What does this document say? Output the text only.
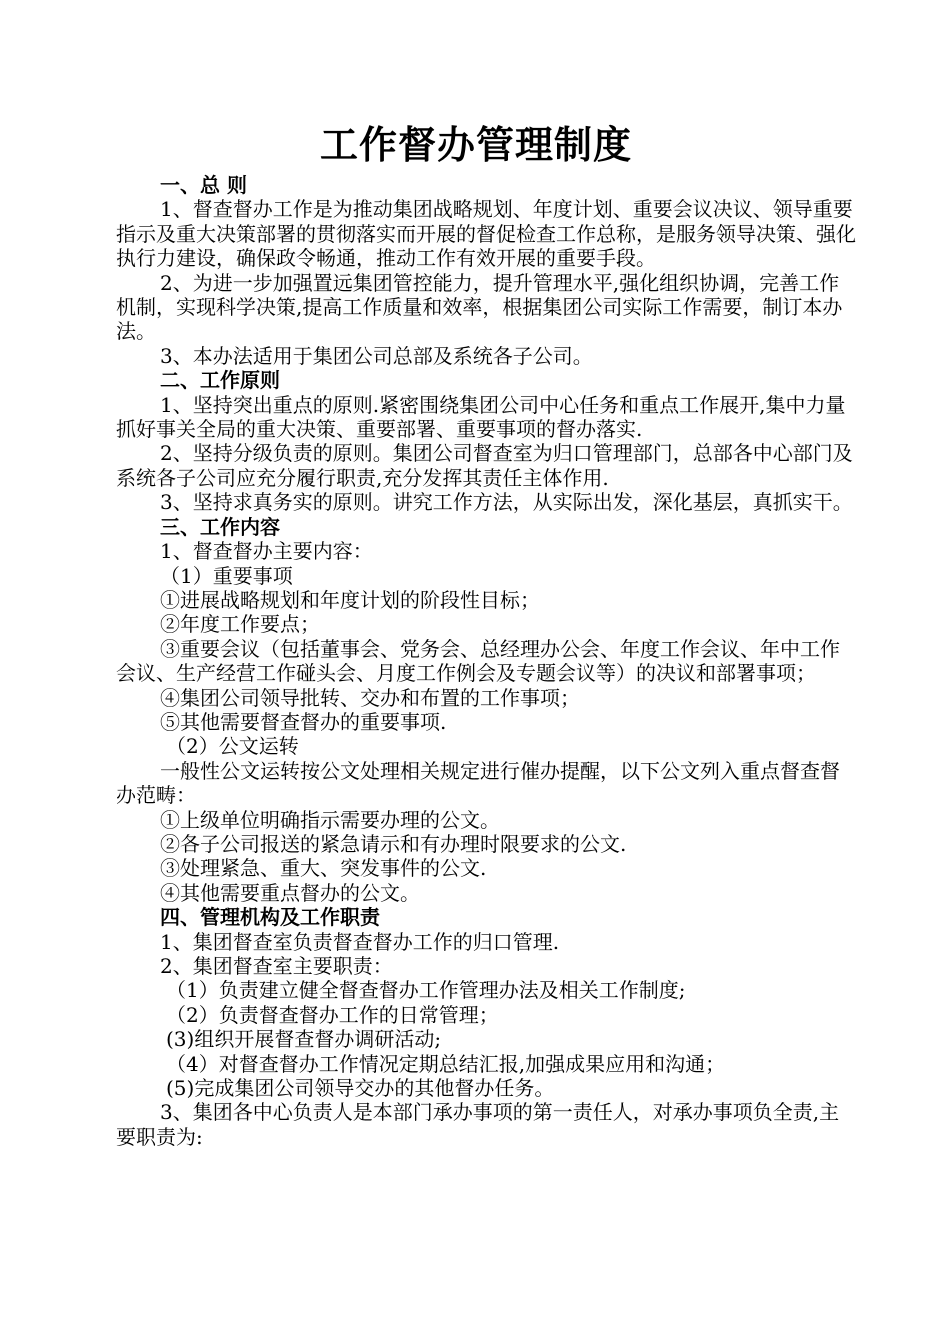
工作督办管理制度

一、总 则

1、督查督办工作是为推动集团战略规划、年度计划、重要会议决议、领导重要指示及重大决策部署的贯彻落实而开展的督促检查工作总称，是服务领导决策、强化执行力建设，确保政令畅通，推动工作有效开展的重要手段。

2、为进一步加强置远集团管控能力，提升管理水平,强化组织协调，完善工作机制，实现科学决策,提高工作质量和效率，根据集团公司实际工作需要，制订本办法。

3、本办法适用于集团公司总部及系统各子公司。

二、工作原则

1、坚持突出重点的原则.紧密围绕集团公司中心任务和重点工作展开,集中力量抓好事关全局的重大决策、重要部署、重要事项的督办落实.

2、坚持分级负责的原则。集团公司督查室为归口管理部门，总部各中心部门及系统各子公司应充分履行职责,充分发挥其责任主体作用.

3、坚持求真务实的原则。讲究工作方法，从实际出发，深化基层，真抓实干。

三、工作内容

1、督查督办主要内容：

（1）重要事项

①进展战略规划和年度计划的阶段性目标；

②年度工作要点；

③重要会议（包括董事会、党务会、总经理办公会、年度工作会议、年中工作会议、生产经营工作碰头会、月度工作例会及专题会议等）的决议和部署事项；

④集团公司领导批转、交办和布置的工作事项；

⑤其他需要督查督办的重要事项.

（2）公文运转

一般性公文运转按公文处理相关规定进行催办提醒，以下公文列入重点督查督办范畴：

①上级单位明确指示需要办理的公文。

②各子公司报送的紧急请示和有办理时限要求的公文.

③处理紧急、重大、突发事件的公文.

④其他需要重点督办的公文。

四、管理机构及工作职责

1、集团督查室负责督查督办工作的归口管理.

2、集团督查室主要职责：

（1）负责建立健全督查督办工作管理办法及相关工作制度;

（2）负责督查督办工作的日常管理；

(3)组织开展督查督办调研活动;

（4）对督查督办工作情况定期总结汇报,加强成果应用和沟通；

(5)完成集团公司领导交办的其他督办任务。

3、集团各中心负责人是本部门承办事项的第一责任人，对承办事项负全责,主要职责为:
